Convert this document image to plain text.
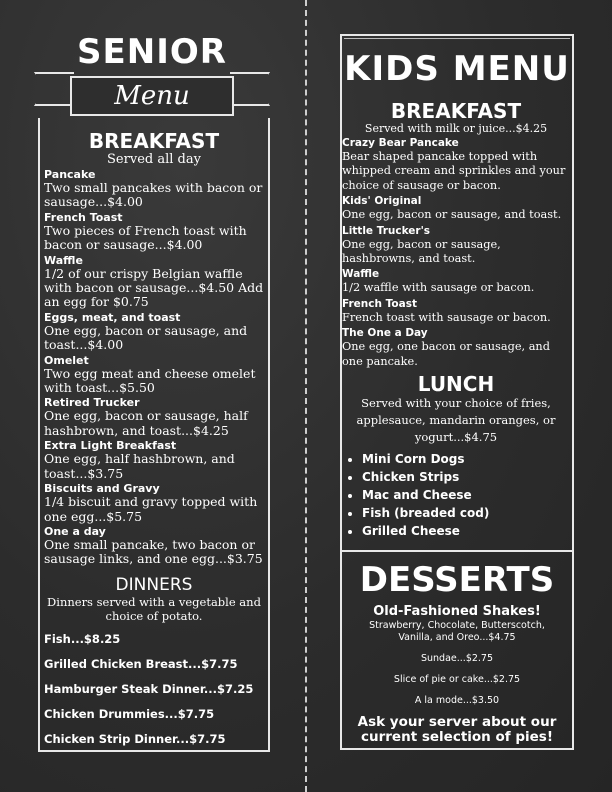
SENIOR
Menu
BREAKFAST
Served all day
Pancake
Two small pancakes with bacon or sausage...$4.00
French Toast
Two pieces of French toast with bacon or sausage...$4.00
Waffle
1/2 of our crispy Belgian waffle with bacon or sausage...$4.50 Add an egg for $0.75
Eggs, meat, and toast
One egg, bacon or sausage, and toast...$4.00
Omelet
Two egg meat and cheese omelet with toast...$5.50
Retired Trucker
One egg, bacon or sausage, half hashbrown, and toast...$4.25
Extra Light Breakfast
One egg, half hashbrown, and toast...$3.75
Biscuits and Gravy
1/4 biscuit and gravy topped with one egg...$5.75
One a day
One small pancake, two bacon or sausage links, and one egg...$3.75
DINNERS
Dinners served with a vegetable and choice of potato.
Fish...$8.25
Grilled Chicken Breast...$7.75
Hamburger Steak Dinner...$7.25
Chicken Drummies...$7.75
Chicken Strip Dinner...$7.75
KIDS MENU
BREAKFAST
Served with milk or juice...$4.25
Crazy Bear Pancake
Bear shaped pancake topped with whipped cream and sprinkles and your choice of sausage or bacon.
Kids' Original
One egg, bacon or sausage, and toast.
Little Trucker's
One egg, bacon or sausage, hashbrowns, and toast.
Waffle
1/2 waffle with sausage or bacon.
French Toast
French toast with sausage or bacon.
The One a Day
One egg, one bacon or sausage, and one pancake.
LUNCH
Served with your choice of fries, applesauce, mandarin oranges, or yogurt...$4.75
• Mini Corn Dogs
• Chicken Strips
• Mac and Cheese
• Fish (breaded cod)
• Grilled Cheese
DESSERTS
Old-Fashioned Shakes!
Strawberry, Chocolate, Butterscotch, Vanilla, and Oreo...$4.75
Sundae...$2.75
Slice of pie or cake...$2.75
A la mode...$3.50
Ask your server about our current selection of pies!
